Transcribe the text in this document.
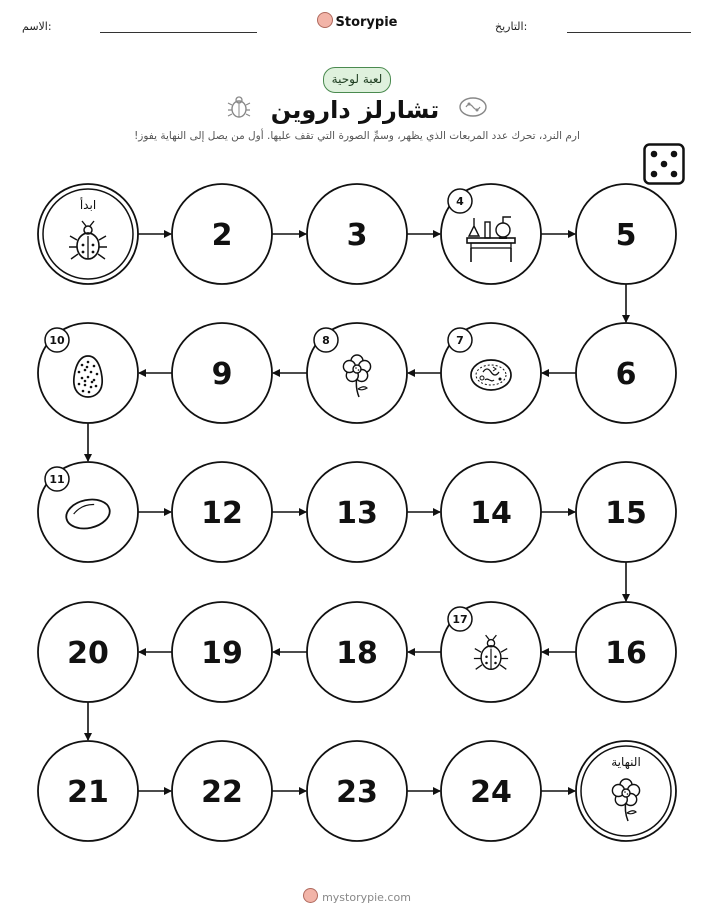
الاسم:	Storypie	التاريخ:
لعبة لوحية
تشارلز داروين
ارم النرد، تحرك عدد المربعات الذي يظهر، وسمِّ الصورة التي تقف عليها. أول من يصل إلى النهاية يفوز!
ابدأ
2	3
4
5
6
7
8
9
10
11
12	13	14	15
16
17
18
19
20
21	22	23	24
النهاية
mystorypie.com
